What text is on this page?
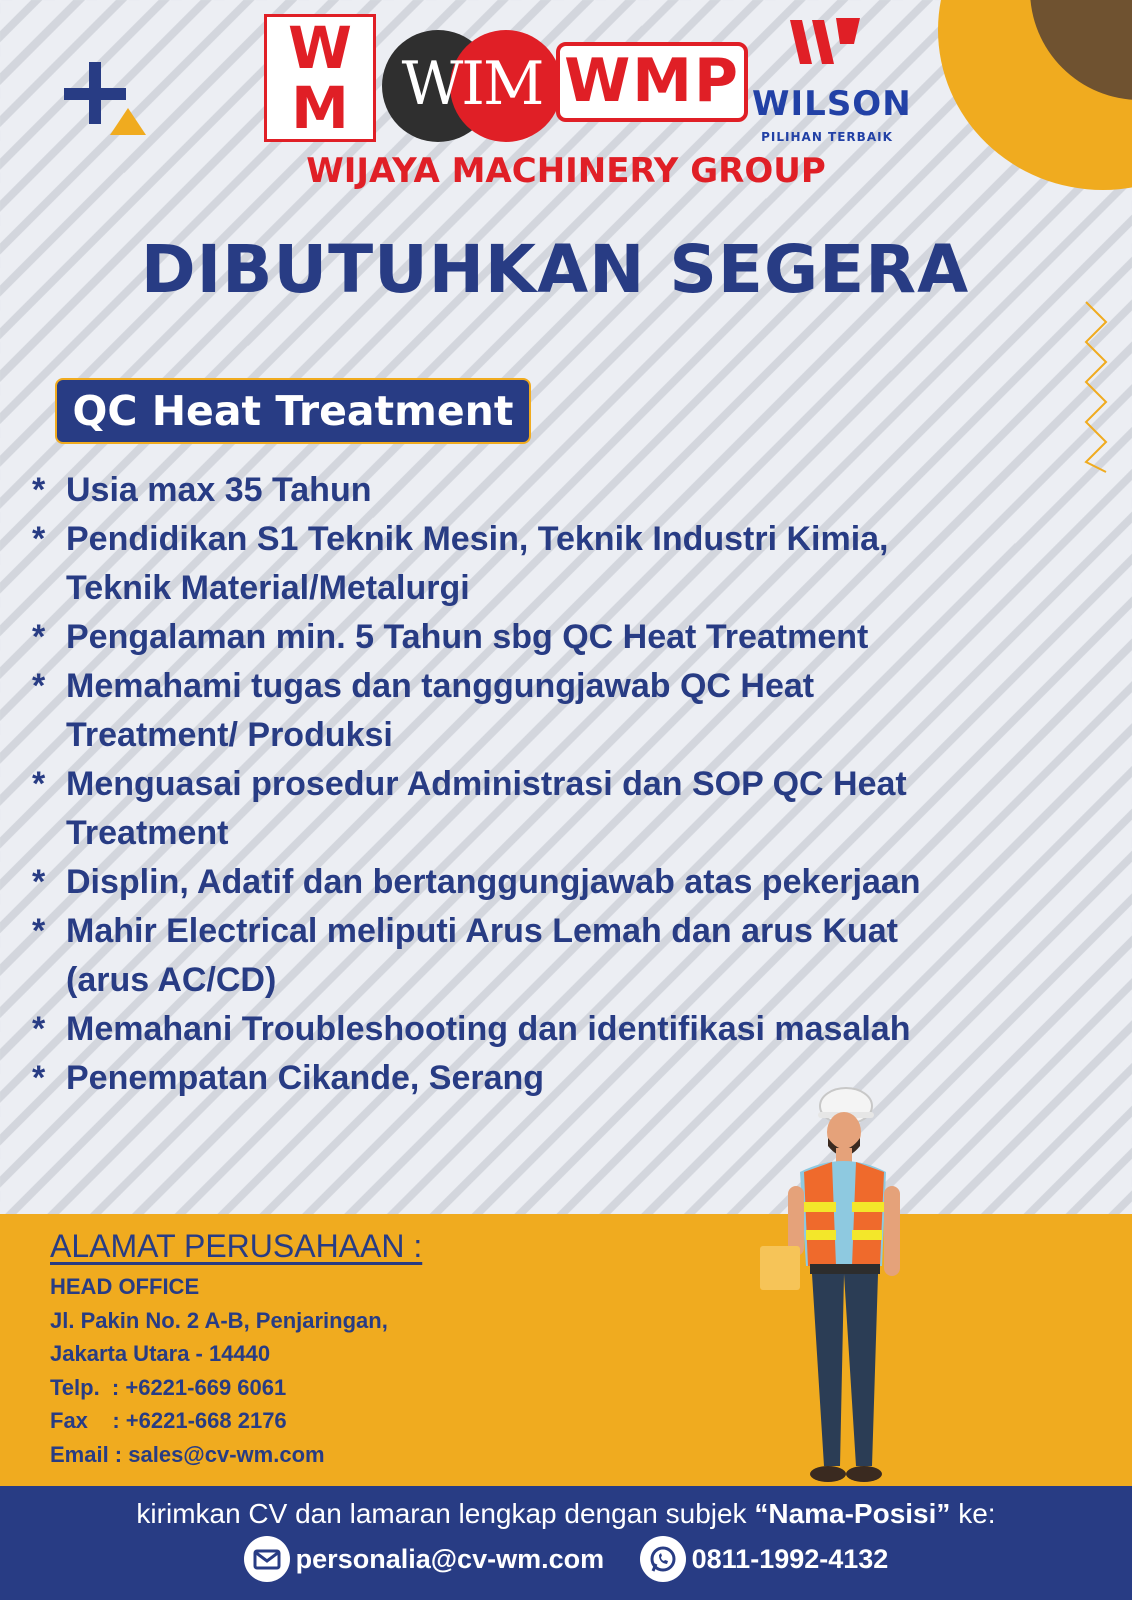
W
M WIM WMP WILSON
PILIHAN TERBAIK
WIJAYA MACHINERY GROUP
DIBUTUHKAN SEGERA
QC Heat Treatment
* Usia max 35 Tahun
* Pendidikan S1 Teknik Mesin, Teknik Industri Kimia,
Teknik Material/Metalurgi
* Pengalaman min. 5 Tahun sbg QC Heat Treatment
* Memahami tugas dan tanggungjawab QC Heat
Treatment/ Produksi
* Menguasai prosedur Administrasi dan SOP QC Heat
Treatment
* Displin, Adatif dan bertanggungjawab atas pekerjaan
* Mahir Electrical meliputi Arus Lemah dan arus Kuat
(arus AC/CD)
* Memahani Troubleshooting dan identifikasi masalah
* Penempatan Cikande, Serang
ALAMAT PERUSAHAAN :
HEAD OFFICE
Jl. Pakin No. 2 A-B, Penjaringan,
Jakarta Utara - 14440
Telp.  : +6221-669 6061
Fax    : +6221-668 2176
Email : sales@cv-wm.com
kirimkan CV dan lamaran lengkap dengan subjek “Nama-Posisi” ke:
personalia@cv-wm.com
	0811-1992-4132
